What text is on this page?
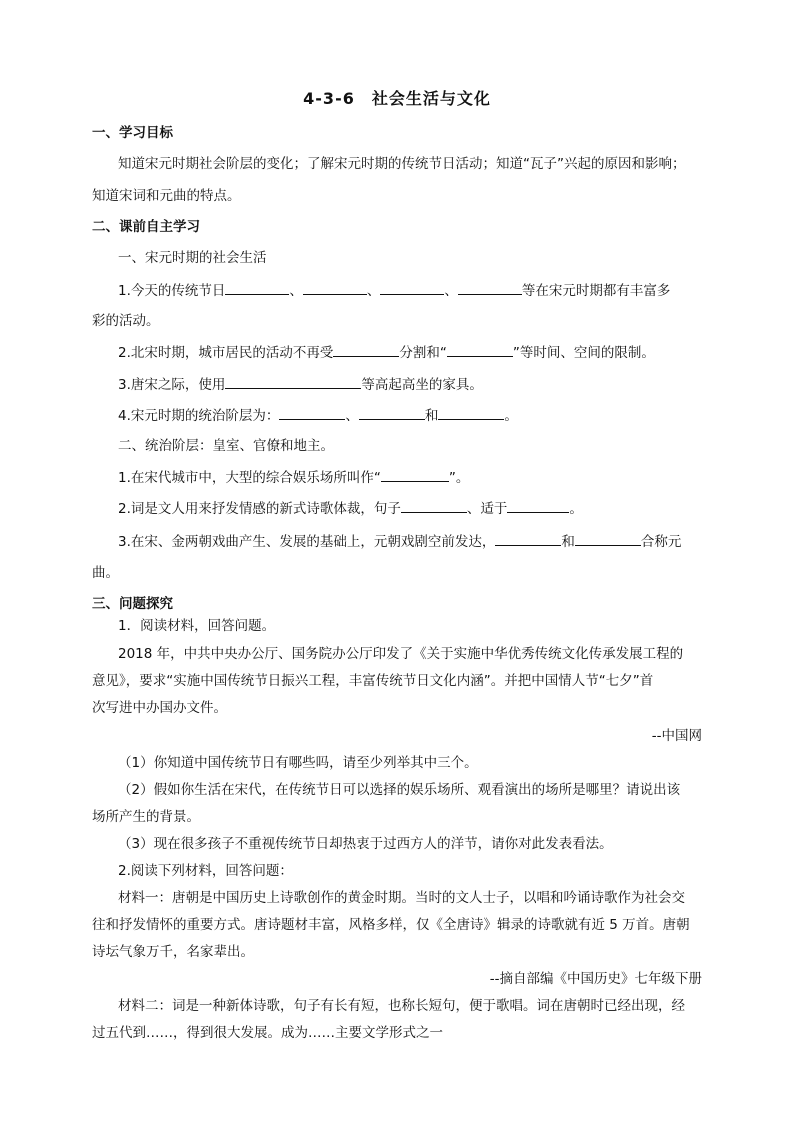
4-3-6　社会生活与文化
一、学习目标
知道宋元时期社会阶层的变化；了解宋元时期的传统节日活动；知道“瓦子”兴起的原因和影响；
知道宋词和元曲的特点。
二、课前自主学习
一、宋元时期的社会生活
1.今天的传统节日	、	、	、	等在宋元时期都有丰富多
彩的活动。
2.北宋时期，城市居民的活动不再受	分割和“	”等时间、空间的限制。
3.唐宋之际，使用	等高起高坐的家具。
4.宋元时期的统治阶层为：	、	和	。
二、统治阶层：皇室、官僚和地主。
1.在宋代城市中，大型的综合娱乐场所叫作“	”。
2.词是文人用来抒发情感的新式诗歌体裁，句子	、适于	。
3.在宋、金两朝戏曲产生、发展的基础上，元朝戏剧空前发达，	和	合称元
曲。
三、问题探究
1．阅读材料，回答问题。
2018 年，中共中央办公厅、国务院办公厅印发了《关于实施中华优秀传统文化传承发展工程的
意见》，要求“实施中国传统节日振兴工程，丰富传统节日文化内涵”。并把中国情人节“七夕”首
次写进中办国办文件。
--中国网
（1）你知道中国传统节日有哪些吗，请至少列举其中三个。
（2）假如你生活在宋代，在传统节日可以选择的娱乐场所、观看演出的场所是哪里？请说出该
场所产生的背景。
（3）现在很多孩子不重视传统节日却热衷于过西方人的洋节，请你对此发表看法。
2.阅读下列材料，回答问题：
材料一：唐朝是中国历史上诗歌创作的黄金时期。当时的文人士子，以唱和吟诵诗歌作为社会交
往和抒发情怀的重要方式。唐诗题材丰富，风格多样，仅《全唐诗》辑录的诗歌就有近 5 万首。唐朝
诗坛气象万千，名家辈出。
--摘自部编《中国历史》七年级下册
材料二：词是一种新体诗歌，句子有长有短，也称长短句，便于歌唱。词在唐朝时已经出现，经
过五代到……，得到很大发展。成为……主要文学形式之一
